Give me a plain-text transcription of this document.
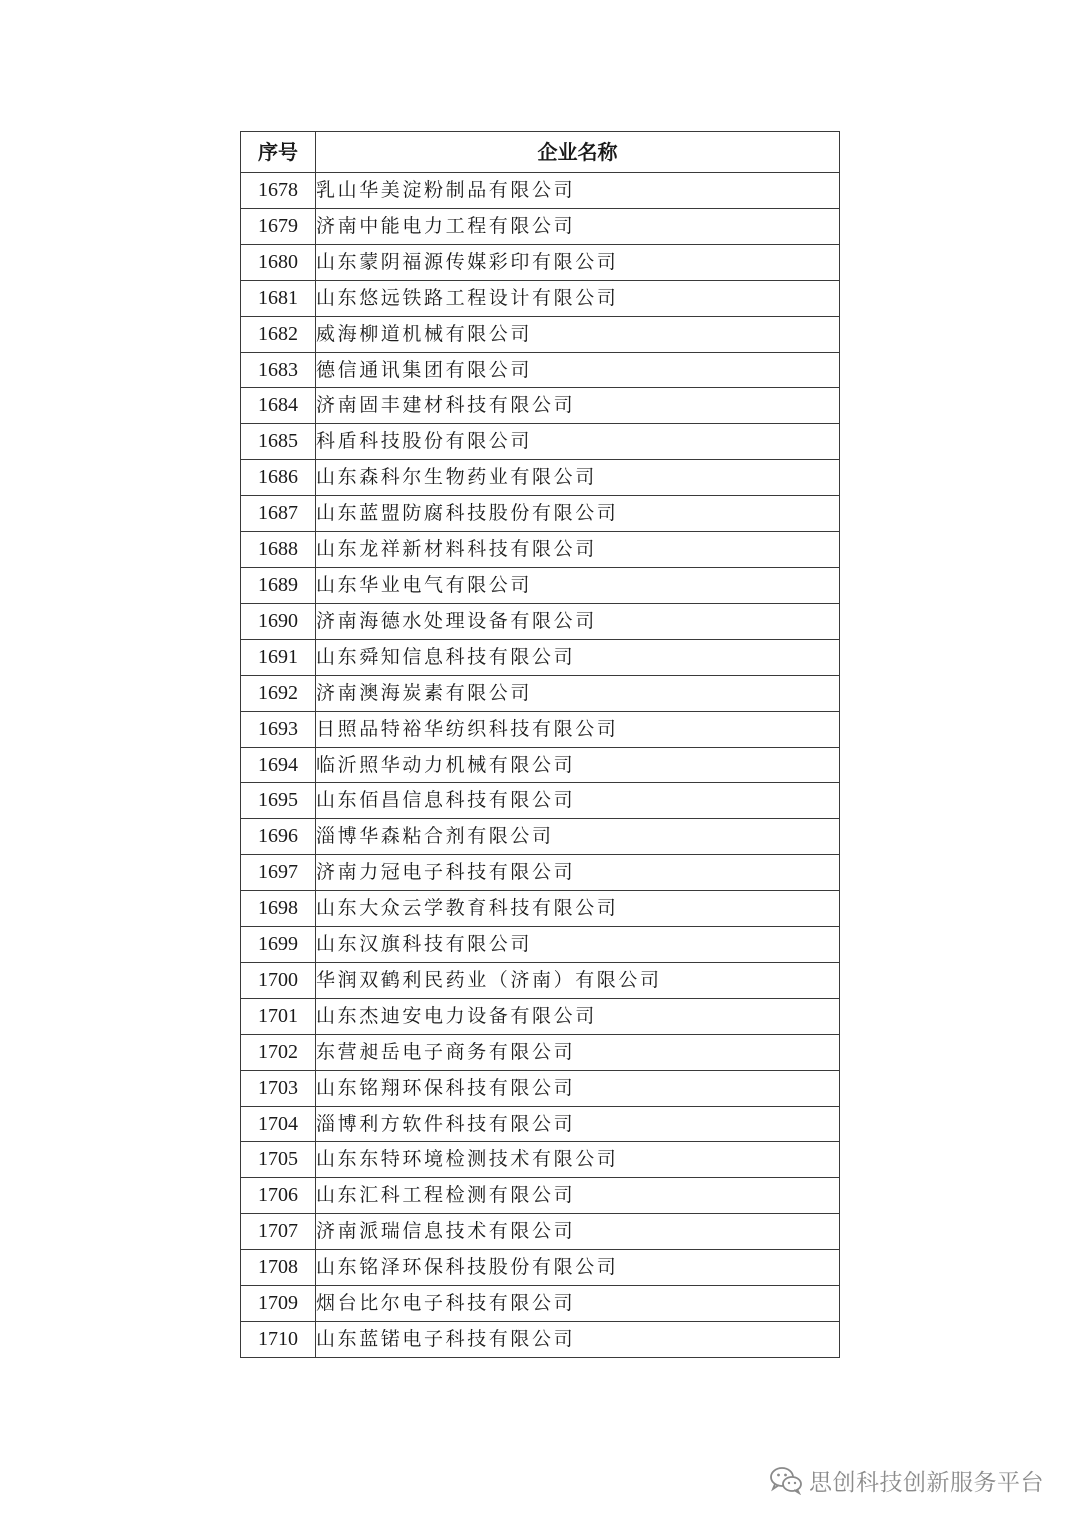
序号	企业名称
1678	乳山华美淀粉制品有限公司
1679	济南中能电力工程有限公司
1680	山东蒙阴福源传媒彩印有限公司
1681	山东悠远铁路工程设计有限公司
1682	威海柳道机械有限公司
1683	德信通讯集团有限公司
1684	济南固丰建材科技有限公司
1685	科盾科技股份有限公司
1686	山东森科尔生物药业有限公司
1687	山东蓝盟防腐科技股份有限公司
1688	山东龙祥新材料科技有限公司
1689	山东华业电气有限公司
1690	济南海德水处理设备有限公司
1691	山东舜知信息科技有限公司
1692	济南澳海炭素有限公司
1693	日照品特裕华纺织科技有限公司
1694	临沂照华动力机械有限公司
1695	山东佰昌信息科技有限公司
1696	淄博华森粘合剂有限公司
1697	济南力冠电子科技有限公司
1698	山东大众云学教育科技有限公司
1699	山东汉旗科技有限公司
1700	华润双鹤利民药业（济南）有限公司
1701	山东杰迪安电力设备有限公司
1702	东营昶岳电子商务有限公司
1703	山东铭翔环保科技有限公司
1704	淄博利方软件科技有限公司
1705	山东东特环境检测技术有限公司
1706	山东汇科工程检测有限公司
1707	济南派瑞信息技术有限公司
1708	山东铭泽环保科技股份有限公司
1709	烟台比尔电子科技有限公司
1710	山东蓝锘电子科技有限公司
思创科技创新服务平台
